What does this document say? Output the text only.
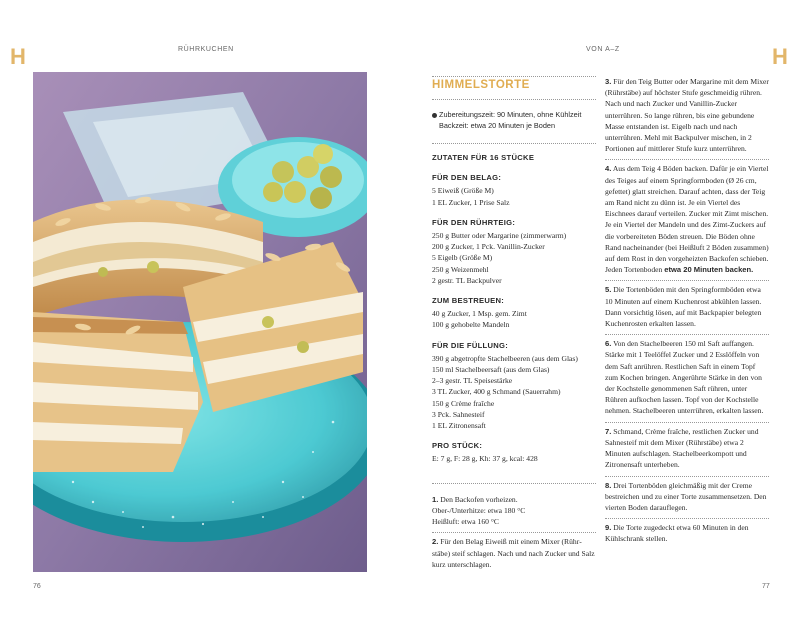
H	H
RÜHRKUCHEN	VON A–Z
HIMMELSTORTE
Zubereitungszeit: 90 Minuten, ohne Kühlzeit
Backzeit: etwa 20 Minuten je Boden
ZUTATEN FÜR 16 STÜCKE
FÜR DEN BELAG:
5 Eiweiß (Größe M)
1 EL Zucker, 1 Prise Salz
FÜR DEN RÜHRTEIG:
250 g Butter oder Margarine (zimmerwarm)
200 g Zucker, 1 Pck. Vanillin-Zucker
5 Eigelb (Größe M)
250 g Weizenmehl
2 gestr. TL Backpulver
ZUM BESTREUEN:
40 g Zucker, 1 Msp. gem. Zimt
100 g gehobelte Mandeln
FÜR DIE FÜLLUNG:
390 g abgetropfte Stachelbeeren (aus dem Glas)
150 ml Stachelbeersaft (aus dem Glas)
2–3 gestr. TL Speisestärke
3 TL Zucker, 400 g Schmand (Sauerrahm)
150 g Crème fraîche
3 Pck. Sahnesteif
1 EL Zitronensaft
PRO STÜCK:
E: 7 g, F: 28 g, Kh: 37 g, kcal: 428
1. Den Backofen vorheizen.
Ober-/Unterhitze: etwa 180 °C
Heißluft: etwa 160 °C
2. Für den Belag Eiweiß mit einem Mixer (Rührstäbe) steif schlagen. Nach und nach Zucker und Salz kurz unterschlagen.
3. Für den Teig Butter oder Margarine mit dem Mixer (Rührstäbe) auf höchster Stufe geschmeidig rühren. Nach und nach Zucker und Vanillin-Zucker unterrühren. So lange rühren, bis eine gebundene Masse entstanden ist. Eigelb nach und nach unterrühren. Mehl mit Backpulver mischen, in 2 Portionen auf mittlerer Stufe kurz unterrühren.
4. Aus dem Teig 4 Böden backen. Dafür je ein Viertel des Teiges auf einem Springformboden (Ø 26 cm, gefettet) glatt streichen. Darauf achten, dass der Teig am Rand nicht zu dünn ist. Je ein Viertel des Eischnees darauf verteilen. Zucker mit Zimt mischen. Je ein Viertel der Mandeln und des Zimt-Zuckers auf die vorbereiteten Böden streuen. Die Böden ohne Rand nacheinander (bei Heißluft 2 Böden zusammen) auf dem Rost in den vorgeheizten Backofen schieben. Jeden Tortenboden etwa 20 Minuten backen.
5. Die Tortenböden mit den Springformböden etwa 10 Minuten auf einem Kuchenrost abkühlen lassen. Dann vorsichtig lösen, auf mit Backpapier belegten Kuchenrosten erkalten lassen.
6. Von den Stachelbeeren 150 ml Saft auffangen. Stärke mit 1 Teelöffel Zucker und 2 Esslöffeln von dem Saft anrühren. Restlichen Saft in einem Topf zum Kochen bringen. Angerührte Stärke in den von der Kochstelle genommenen Saft rühren, unter Rühren aufkochen lassen. Topf von der Kochstelle nehmen. Stachelbeeren unterrühren, erkalten lassen.
7. Schmand, Crème fraîche, restlichen Zucker und Sahnesteif mit dem Mixer (Rührstäbe) etwa 2 Minuten aufschlagen. Stachelbeerkompott und Zitronensaft unterheben.
8. Drei Tortenböden gleichmäßig mit der Creme bestreichen und zu einer Torte zusammensetzen. Den vierten Boden darauflegen.
9. Die Torte zugedeckt etwa 60 Minuten in den Kühlschrank stellen.
76	77
